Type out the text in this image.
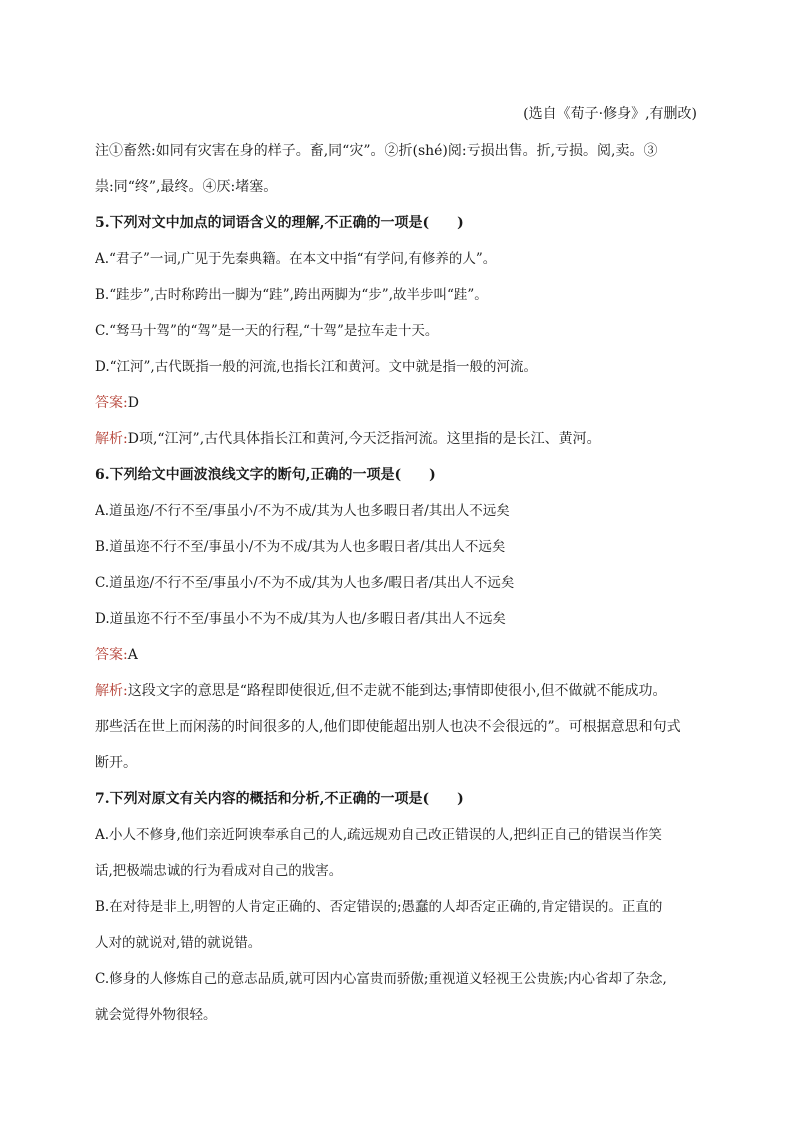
(选自《荀子·修身》,有删改)
注①畜然:如同有灾害在身的样子。畜,同“灾”。②折(shé)阅:亏损出售。折,亏损。阅,卖。③
祟:同“终”,最终。④厌:堵塞。
5.下列对文中加点的词语含义的理解,不正确的一项是(　　)
A.“君子”一词,广见于先秦典籍。在本文中指“有学问,有修养的人”。
B.“跬步”,古时称跨出一脚为“跬”,跨出两脚为“步”,故半步叫“跬”。
C.“驽马十驾”的“驾”是一天的行程,“十驾”是拉车走十天。
D.“江河”,古代既指一般的河流,也指长江和黄河。文中就是指一般的河流。
答案:D
解析:D项,“江河”,古代具体指长江和黄河,今天泛指河流。这里指的是长江、黄河。
6.下列给文中画波浪线文字的断句,正确的一项是(　　)
A.道虽迩/不行不至/事虽小/不为不成/其为人也多暇日者/其出人不远矣
B.道虽迩不行不至/事虽小/不为不成/其为人也多暇日者/其出人不远矣
C.道虽迩/不行不至/事虽小/不为不成/其为人也多/暇日者/其出人不远矣
D.道虽迩不行不至/事虽小不为不成/其为人也/多暇日者/其出人不远矣
答案:A
解析:这段文字的意思是“路程即使很近,但不走就不能到达;事情即使很小,但不做就不能成功。
那些活在世上而闲荡的时间很多的人,他们即使能超出别人也决不会很远的”。可根据意思和句式
断开。
7.下列对原文有关内容的概括和分析,不正确的一项是(　　)
A.小人不修身,他们亲近阿谀奉承自己的人,疏远规劝自己改正错误的人,把纠正自己的错误当作笑
话,把极端忠诚的行为看成对自己的戕害。
B.在对待是非上,明智的人肯定正确的、否定错误的;愚蠢的人却否定正确的,肯定错误的。正直的
人对的就说对,错的就说错。
C.修身的人修炼自己的意志品质,就可因内心富贵而骄傲;重视道义轻视王公贵族;内心省却了杂念,
就会觉得外物很轻。
